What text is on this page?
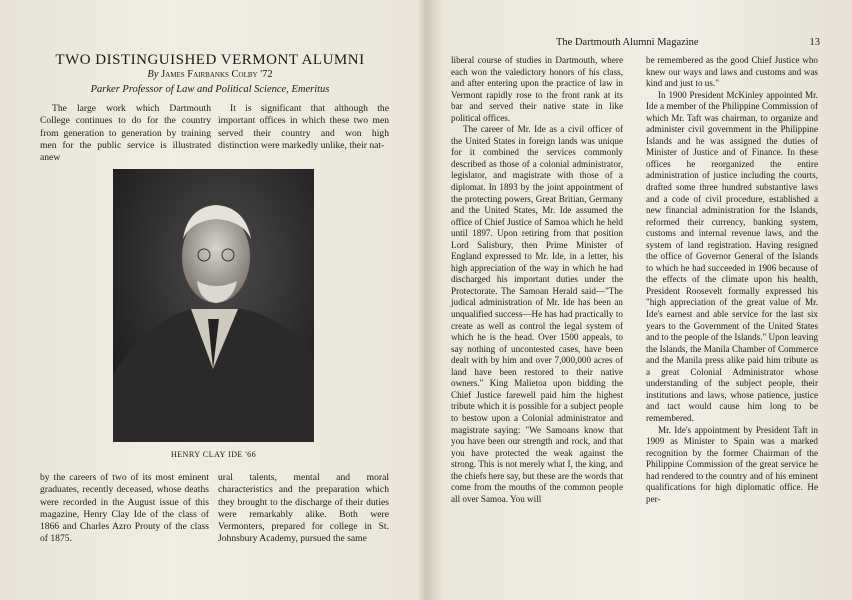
TWO DISTINGUISHED VERMONT ALUMNI
By James Fairbanks Colby '72
Parker Professor of Law and Political Science, Emeritus

The large work which Dartmouth College continues to do for the country from generation to generation by training men for the public service is illustrated anew

It is significant that although the important offices in which these two men served their country and won high distinction were markedly unlike, their nat-

HENRY CLAY IDE '66

by the careers of two of its most eminent graduates, recently deceased, whose deaths were recorded in the August issue of this magazine, Henry Clay Ide of the class of 1866 and Charles Azro Prouty of the class of 1875.

ural talents, mental and moral characteristics and the preparation which they brought to the discharge of their duties were remarkably alike. Both were Vermonters, prepared for college in St. Johnsbury Academy, pursued the same

The Dartmouth Alumni Magazine	13

liberal course of studies in Dartmouth, where each won the valedictory honors of his class, and after entering upon the practice of law in Vermont rapidly rose to the front rank at its bar and served their native state in like political offices.

The career of Mr. Ide as a civil officer of the United States in foreign lands was unique for it combined the services commonly described as those of a colonial administrator, legislator, and magistrate with those of a diplomat. In 1893 by the joint appointment of the protecting powers, Great Britian, Germany and the United States, Mr. Ide assumed the office of Chief Justice of Samoa which he held until 1897. Upon retiring from that position Lord Salisbury, then Prime Minister of England expressed to Mr. Ide, in a letter, his high appreciation of the way in which he had discharged his important duties under the Protectorate. The Samoan Herald said—"The judical administration of Mr. Ide has been an unqualified success—He has had practically to create as well as control the legal system of which he is the head. Over 1500 appeals, to say nothing of uncontested cases, have been dealt with by him and over 7,000,000 acres of land have been restored to their native owners." King Malietoa upon bidding the Chief Justice farewell paid him the highest tribute which it is possible for a subject people to bestow upon a Colonial administrator and magistrate saying: "We Samoans know that you have been our strength and rock, and that you have protected the weak against the strong. This is not merely what I, the king, and the chiefs here say, but these are the words that come from the mouths of the common people all over Samoa. You will

be remembered as the good Chief Justice who knew our ways and laws and customs and was kind and just to us."

In 1900 President McKinley appointed Mr. Ide a member of the Philippine Commission of which Mr. Taft was chairman, to organize and administer civil government in the Philippine Islands and he was assigned the duties of Minister of Justice and of Finance. In these offices he reorganized the entire administration of justice including the courts, drafted some three hundred substantive laws and a code of civil procedure, established a new financial administration for the Islands, reformed their currency, banking system, customs and internal revenue laws, and the system of land registration. Having resigned the office of Governor General of the Islands to which he had succeeded in 1906 because of the effects of the climate upon his health, President Roosevelt formally expressed his "high appreciation of the great value of Mr. Ide's earnest and able service for the last six years to the Government of the United States and to the people of the Islands." Upon leaving the Islands, the Manila Chamber of Commerce and the Manila press alike paid him tribute as a great Colonial Administrator whose understanding of the subject people, their institutions and laws, whose patience, justice and tact would cause him long to be remembered.

Mr. Ide's appointment by President Taft in 1909 as Minister to Spain was a marked recognition by the former Chairman of the Philippine Commission of the great service he had rendered to the country and of his eminent qualifications for high diplomatic office. He per-
